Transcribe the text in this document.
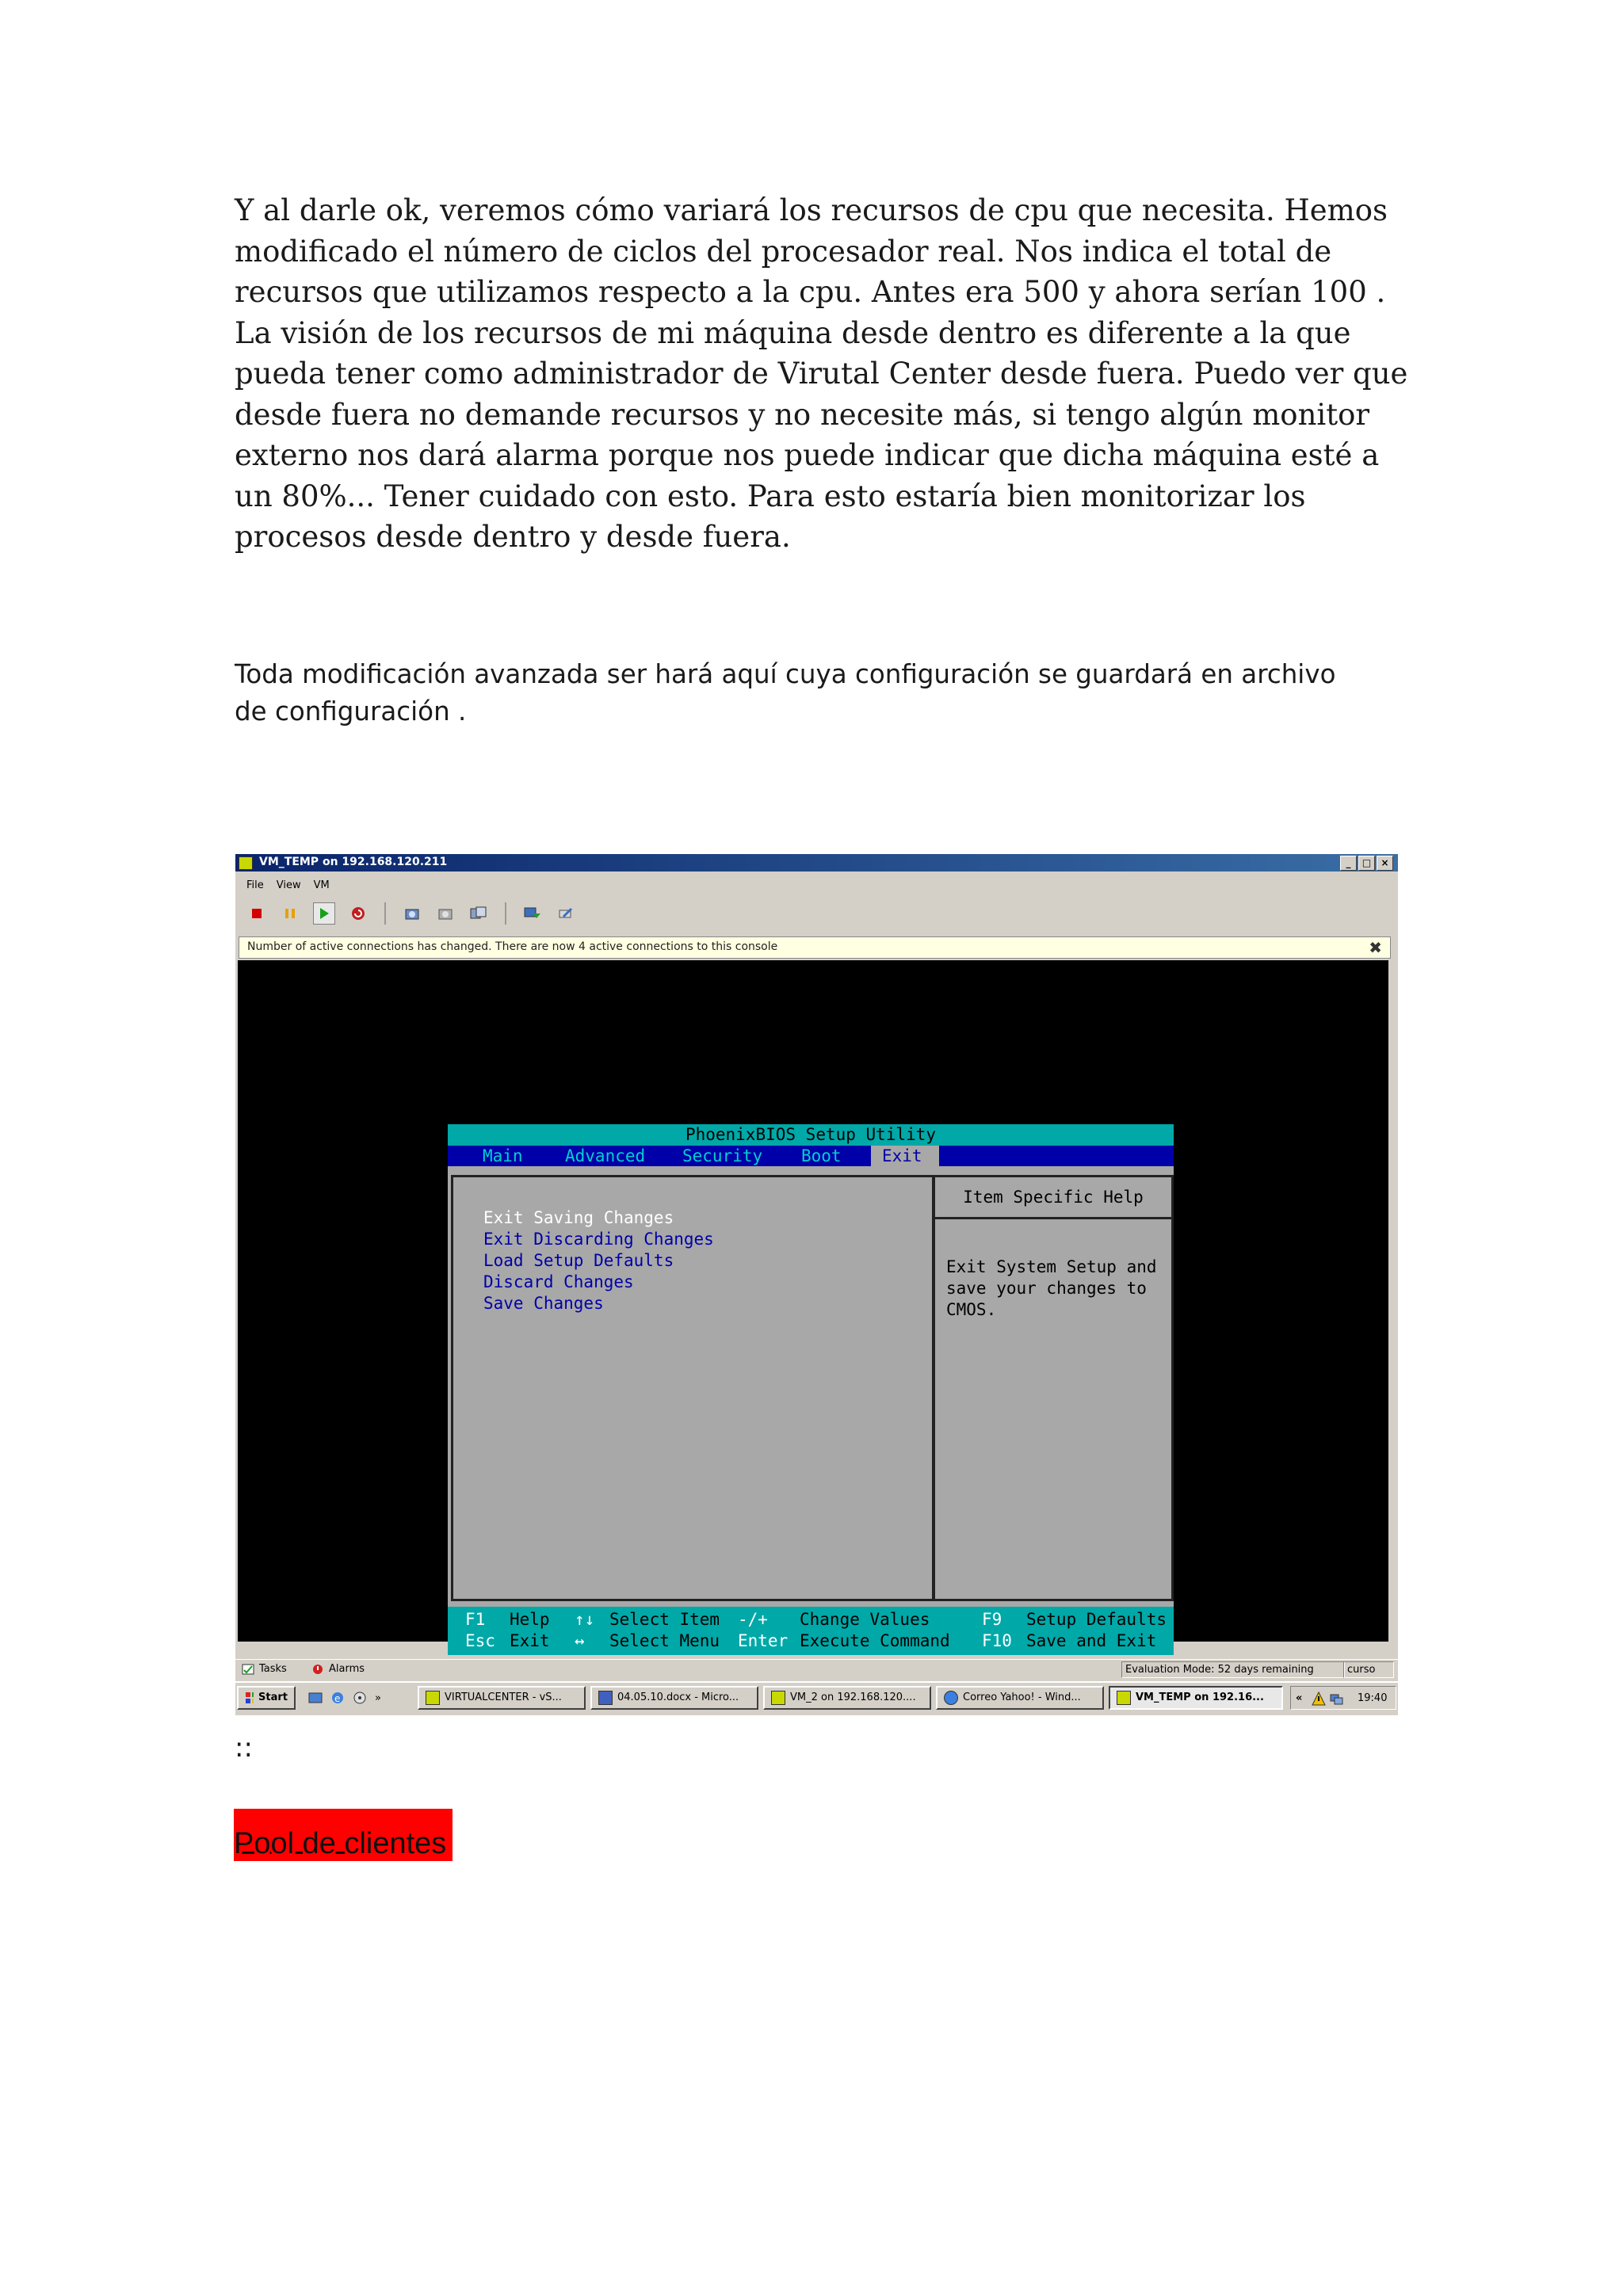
Y al darle ok, veremos cómo variará los recursos de cpu que necesita. Hemos
modificado el número de ciclos del procesador real. Nos indica el total de
recursos que utilizamos respecto a la cpu. Antes era 500 y ahora serían 100 .
La visión de los recursos de mi máquina desde dentro es diferente a la que
pueda tener como administrador de Virutal Center desde fuera. Puedo ver que
desde fuera no demande recursos y no necesite más, si tengo algún monitor
externo nos dará alarma porque nos puede indicar que dicha máquina esté a
un 80%... Tener cuidado con esto. Para esto estaría bien monitorizar los
procesos desde dentro y desde fuera.
Toda modificación avanzada ser hará aquí cuya configuración se guardará en archivo
de configuración .
VM_TEMP on 192.168.120.211	_	□	×
File View VM
Number of active connections has changed. There are now 4 active connections to this console	✖
PhoenixBIOS Setup Utility
Main	Advanced Security Boot	Exit
Exit Saving Changes
Exit Discarding Changes
Load Setup Defaults
Discard Changes
Save Changes
Item Specific Help
Exit System Setup and
save your changes to
CMOS.
F1 Help ↑↓ Select Item -/+ Change Values	F9 Setup Defaults
Esc Exit ↔ Select Menu Enter Execute Command F10 Save and Exit
Tasks	Alarms	Evaluation Mode: 52 days remaining	curso
Start	e	»	VIRTUALCENTER - vS...	04.05.10.docx - Micro...	VM_2 on 192.168.120....	Correo Yahoo! - Wind...	VM_TEMP on 192.16...	«	19:40
::
Pool de clientes
